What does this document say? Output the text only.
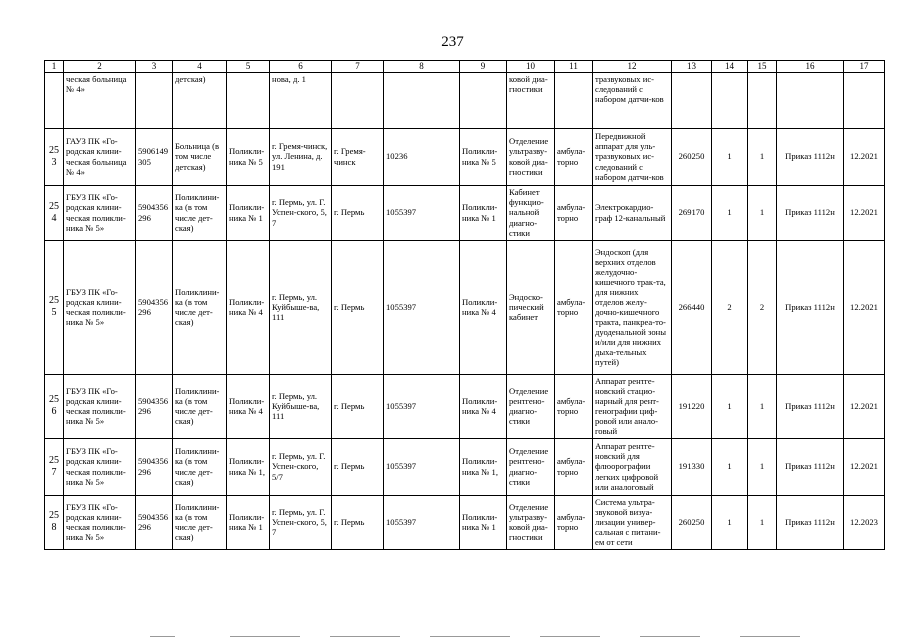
237
1	2	3	4	5	6	7	8	9	10	11	12	13	14	15	16	17
	ческая больница № 4»		детская)		нова, д. 1				ковой диа-гностики		тразвуковых ис-следований с набором датчи-ков					
253	ГАУЗ ПК «Го-родская клини-ческая больница № 4»	5906149 305	Больница (в том числе детская)	Поликли-ника № 5	г. Гремя-чинск, ул. Ленина, д. 191	г. Гремя-чинск	10236	Поликли-ника № 5	Отделение ультразву-ковой диа-гностики	амбула-торно	Передвижной аппарат для уль-тразвуковых ис-следований с набором датчи-ков	260250	1	1	Приказ 1112н	12.2021
254	ГБУЗ ПК «Го-родская клини-ческая поликли-ника № 5»	5904356 296	Поликлини-ка (в том числе дет-ская)	Поликли-ника № 1	г. Пермь, ул. Г. Успен-ского, 5, 7	г. Пермь	1055397	Поликли-ника № 1	Кабинет функцио-нальной диагно-стики	амбула-торно	Электрокардио-граф 12-канальный	269170	1	1	Приказ 1112н	12.2021
255	ГБУЗ ПК «Го-родская клини-ческая поликли-ника № 5»	5904356 296	Поликлини-ка (в том числе дет-ская)	Поликли-ника № 4	г. Пермь, ул. Куйбыше-ва, 111	г. Пермь	1055397	Поликли-ника № 4	Эндоско-пический кабинет	амбула-торно	Эндоскоп (для верхних отделов желудочно-кишечного трак-та, для нижних отделов желу-дочно-кишечного тракта, панкреа-то-дуоденальной зоны и/или для нижних дыха-тельных путей)	266440	2	2	Приказ 1112н	12.2021
256	ГБУЗ ПК «Го-родская клини-ческая поликли-ника № 5»	5904356 296	Поликлини-ка (в том числе дет-ская)	Поликли-ника № 4	г. Пермь, ул. Куйбыше-ва, 111	г. Пермь	1055397	Поликли-ника № 4	Отделение рентгено-диагно-стики	амбула-торно	Аппарат рентге-новский стацио-нарный для рент-генографии циф-ровой или анало-говый	191220	1	1	Приказ 1112н	12.2021
257	ГБУЗ ПК «Го-родская клини-ческая поликли-ника № 5»	5904356 296	Поликлини-ка (в том числе дет-ская)	Поликли-ника № 1,	г. Пермь, ул. Г. Успен-ского, 5/7	г. Пермь	1055397	Поликли-ника № 1,	Отделение рентгено-диагно-стики	амбула-торно	Аппарат рентге-новский для флюорографии легких цифровой или аналоговый	191330	1	1	Приказ 1112н	12.2021
258	ГБУЗ ПК «Го-родская клини-ческая поликли-ника № 5»	5904356 296	Поликлини-ка (в том числе дет-ская)	Поликли-ника № 1	г. Пермь, ул. Г. Успен-ского, 5, 7	г. Пермь	1055397	Поликли-ника № 1	Отделение ультразву-ковой диа-гностики	амбула-торно	Система ультра-звуковой визуа-лизации универ-сальная с питани-ем от сети	260250	1	1	Приказ 1112н	12.2023
